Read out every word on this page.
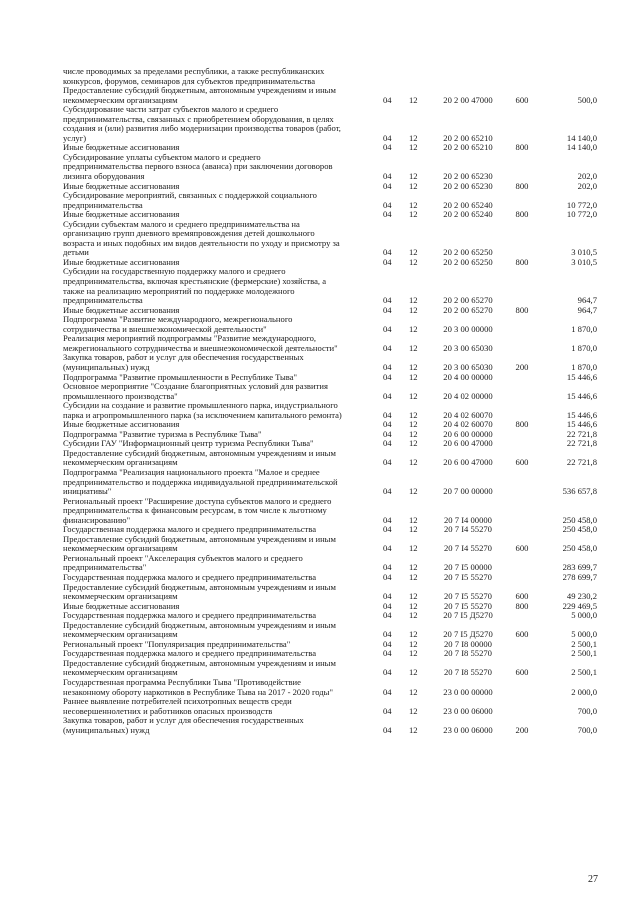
числе проводимых за пределами республики, а также республиканских
конкурсов, форумов, семинаров для субъектов предпринимательства
Предоставление субсидий бюджетным, автономным учреждениям и иным
некоммерческим организациям	04 12	20 2 00 47000	600	500,0
Субсидирование части затрат субъектов малого и среднего
предпринимательства, связанных с приобретением оборудования, в целях
создания и (или) развития либо модернизации производства товаров (работ,
услуг)	04 12	20 2 00 65210	14 140,0
Иные бюджетные ассигнования	04 12	20 2 00 65210	800	14 140,0
Субсидирование уплаты субъектом малого и среднего
предпринимательства первого взноса (аванса) при заключении договоров
лизинга оборудования	04 12	20 2 00 65230	202,0
Иные бюджетные ассигнования	04 12	20 2 00 65230	800	202,0
Субсидирование мероприятий, связанных с поддержкой социального
предпринимательства	04 12	20 2 00 65240	10 772,0
Иные бюджетные ассигнования	04 12	20 2 00 65240	800	10 772,0
Субсидии субъектам малого и среднего предпринимательства на
организацию групп дневного времяпровождения детей дошкольного
возраста и иных подобных им видов деятельности по уходу и присмотру за
детьми	04 12	20 2 00 65250	3 010,5
Иные бюджетные ассигнования	04 12	20 2 00 65250	800	3 010,5
Субсидии на государственную поддержку малого и среднего
предпринимательства, включая крестьянские (фермерские) хозяйства, а
также на реализацию мероприятий по поддержке молодежного
предпринимательства	04 12	20 2 00 65270	964,7
Иные бюджетные ассигнования	04 12	20 2 00 65270	800	964,7
Подпрограмма "Развитие международного, межрегионального
сотрудничества и внешнеэкономической деятельности"	04 12	20 3 00 00000	1 870,0
Реализация мероприятий подпрограммы "Развитие международного,
межрегионального сотрудничества и внешнеэкономической деятельности"	04 12	20 3 00 65030	1 870,0
Закупка товаров, работ и услуг для обеспечения государственных
(муниципальных) нужд	04 12	20 3 00 65030	200	1 870,0
Подпрограмма "Развитие промышленности в Республике Тыва"	04 12	20 4 00 00000	15 446,6
Основное мероприятие "Создание благоприятных условий для развития
промышленного производства"	04 12	20 4 02 00000	15 446,6
Субсидии на создание и развитие промышленного парка, индустриального
парка и агропромышленного парка (за исключением капитального ремонта)	04 12	20 4 02 60070	15 446,6
Иные бюджетные ассигнования	04 12	20 4 02 60070	800	15 446,6
Подпрограмма "Развитие туризма в Республике Тыва"	04 12	20 6 00 00000	22 721,8
Субсидии ГАУ "Информационный центр туризма Республики Тыва"	04 12	20 6 00 47000	22 721,8
Предоставление субсидий бюджетным, автономным учреждениям и иным
некоммерческим организациям	04 12	20 6 00 47000	600	22 721,8
Подпрограмма "Реализация национального проекта "Малое и среднее
предпринимательство и поддержка индивидуальной предпринимательской
инициативы"	04 12	20 7 00 00000	536 657,8
Региональный проект "Расширение доступа субъектов малого и среднего
предпринимательства к финансовым ресурсам, в том числе к льготному
финансированию"	04 12	20 7 I4 00000	250 458,0
Государственная поддержка малого и среднего предпринимательства	04 12	20 7 I4 55270	250 458,0
Предоставление субсидий бюджетным, автономным учреждениям и иным
некоммерческим организациям	04 12	20 7 I4 55270	600	250 458,0
Региональный проект "Акселерация субъектов малого и среднего
предпринимательства"	04 12	20 7 I5 00000	283 699,7
Государственная поддержка малого и среднего предпринимательства	04 12	20 7 I5 55270	278 699,7
Предоставление субсидий бюджетным, автономным учреждениям и иным
некоммерческим организациям	04 12	20 7 I5 55270	600	49 230,2
Иные бюджетные ассигнования	04 12	20 7 I5 55270	800	229 469,5
Государственная поддержка малого и среднего предпринимательства	04 12	20 7 I5 Д5270	5 000,0
Предоставление субсидий бюджетным, автономным учреждениям и иным
некоммерческим организациям	04 12	20 7 I5 Д5270	600	5 000,0
Региональный проект "Популяризация предпринимательства"	04 12	20 7 I8 00000	2 500,1
Государственная поддержка малого и среднего предпринимательства	04 12	20 7 I8 55270	2 500,1
Предоставление субсидий бюджетным, автономным учреждениям и иным
некоммерческим организациям	04 12	20 7 I8 55270	600	2 500,1
Государственная программа Республики Тыва "Противодействие
незаконному обороту наркотиков в Республике Тыва на 2017 - 2020 годы"	04 12	23 0 00 00000	2 000,0
Раннее выявление потребителей психотропных веществ среди
несовершеннолетних и работников опасных производств	04 12	23 0 00 06000	700,0
Закупка товаров, работ и услуг для обеспечения государственных
(муниципальных) нужд	04 12	23 0 00 06000	200	700,0
27
